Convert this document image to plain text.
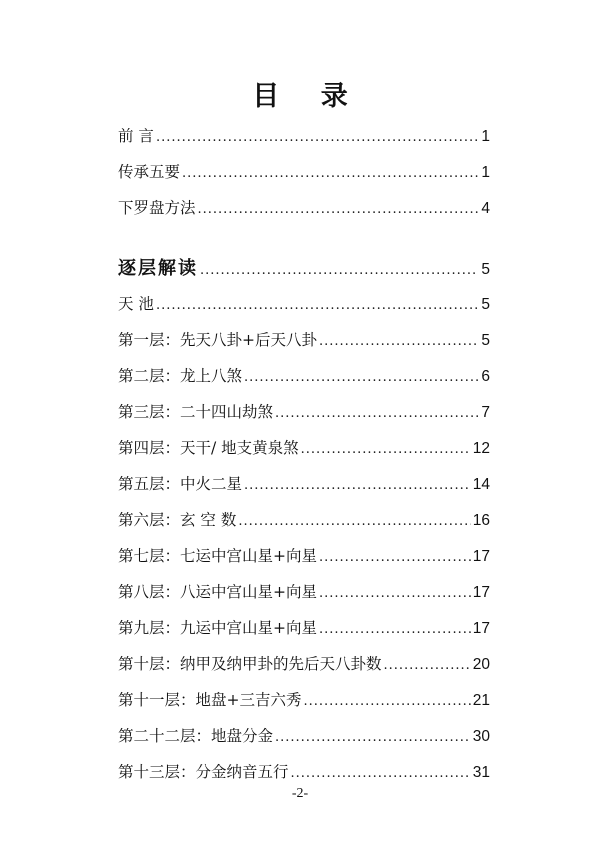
目 录
前 言 .....	1
传承五要 .....	1
下罗盘方法 .....	4
逐层解读 .....	5
天 池 .....	5
第一层：先天八卦+后天八卦 .....	5
第二层：龙上八煞 .....	6
第三层：二十四山劫煞 .....	7
第四层：天干/ 地支黄泉煞 .....	12
第五层：中火二星 .....	14
第六层：玄 空 数 .....	16
第七层：七运中宫山星+向星 .....	17
第八层：八运中宫山星+向星 .....	17
第九层：九运中宫山星+向星 .....	17
第十层：纳甲及纳甲卦的先后天八卦数 .....	20
第十一层：地盘+三吉六秀 .....	21
第二十二层：地盘分金 .....	30
第十三层：分金纳音五行 .....	31
-2-
